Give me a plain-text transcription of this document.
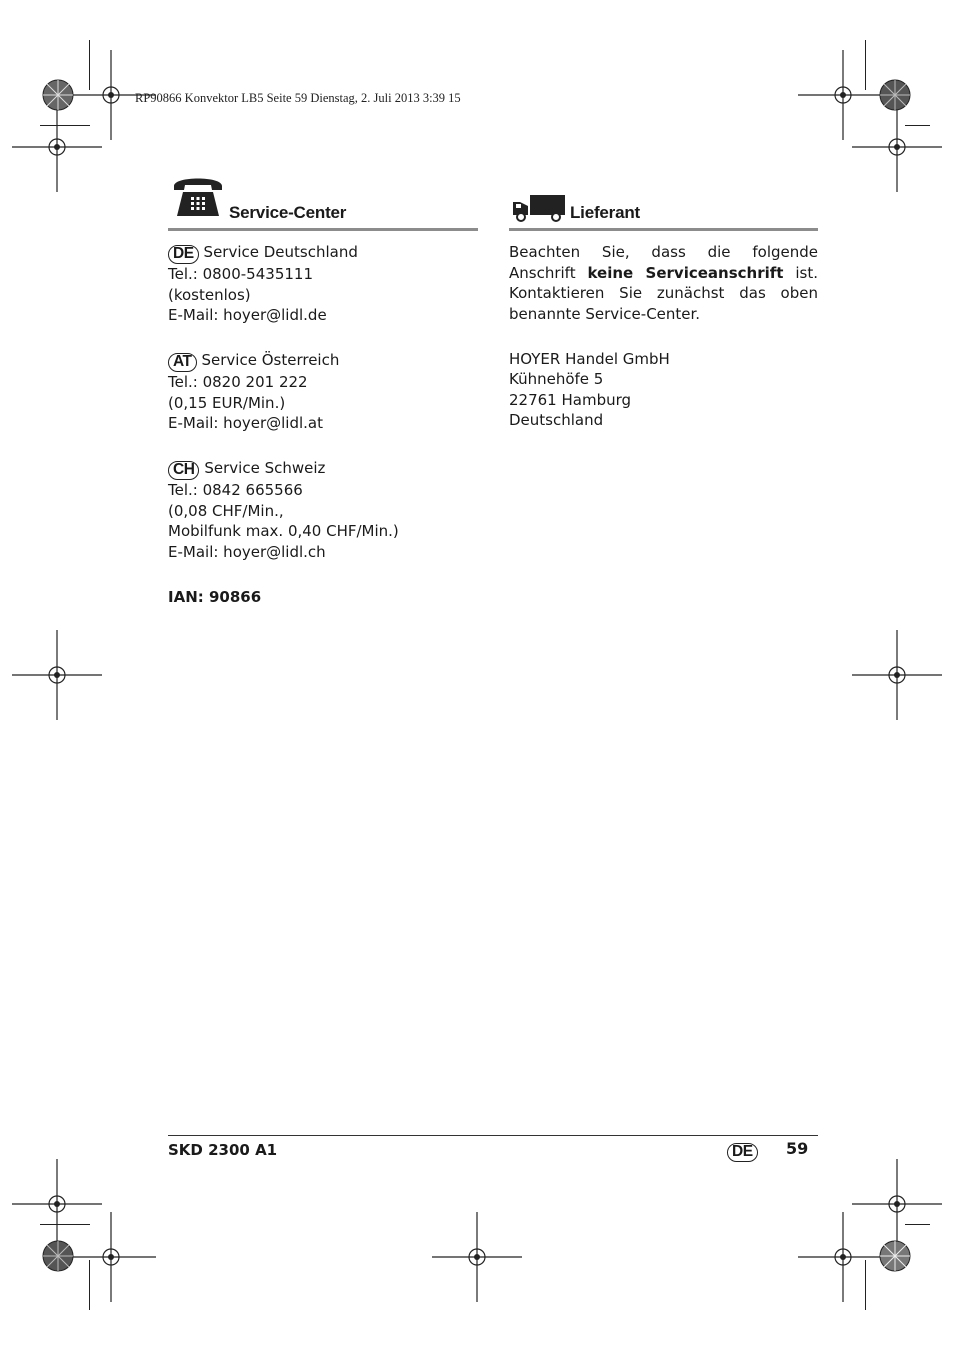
RP90866 Konvektor LB5 Seite 59 Dienstag, 2. Juli 2013 3:39 15
Service-Center
DE Service Deutschland
Tel.: 0800-5435111
(kostenlos)
E-Mail: hoyer@lidl.de
AT Service Österreich
Tel.: 0820 201 222
(0,15 EUR/Min.)
E-Mail: hoyer@lidl.at
CH Service Schweiz
Tel.: 0842 665566
(0,08 CHF/Min.,
Mobilfunk max. 0,40 CHF/Min.)
E-Mail: hoyer@lidl.ch
IAN: 90866
Lieferant
Beachten Sie, dass die folgende Anschrift keine Serviceanschrift ist. Kontaktieren Sie zunächst das oben benannte Service-Center.
HOYER Handel GmbH
Kühnehöfe 5
22761 Hamburg
Deutschland
SKD 2300 A1	DE	59
